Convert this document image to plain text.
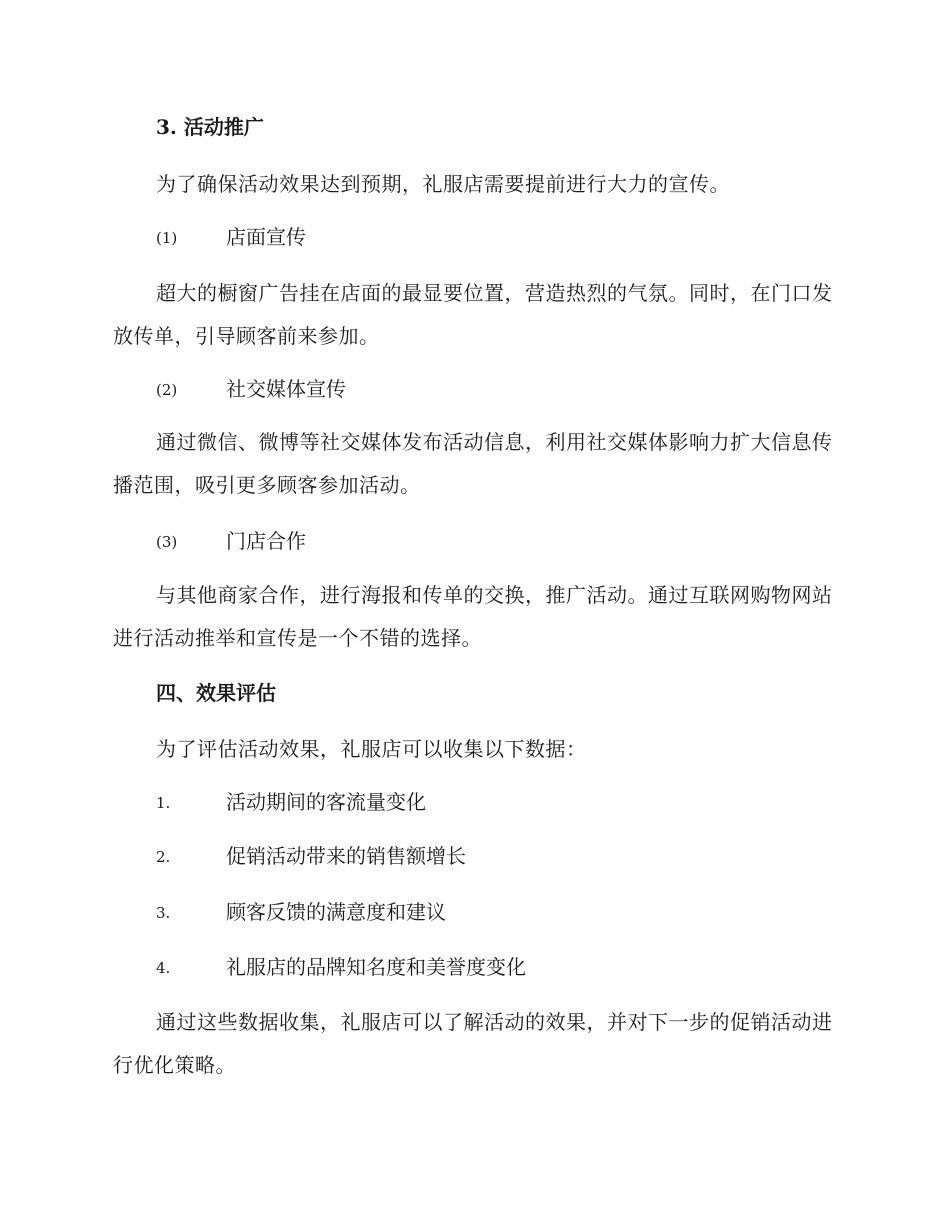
3. 活动推广
为了确保活动效果达到预期，礼服店需要提前进行大力的宣传。
(1) 店面宣传
超大的橱窗广告挂在店面的最显要位置，营造热烈的气氛。同时，在门口发放传单，引导顾客前来参加。
(2) 社交媒体宣传
通过微信、微博等社交媒体发布活动信息，利用社交媒体影响力扩大信息传播范围，吸引更多顾客参加活动。
(3) 门店合作
与其他商家合作，进行海报和传单的交换，推广活动。通过互联网购物网站进行活动推举和宣传是一个不错的选择。
四、效果评估
为了评估活动效果，礼服店可以收集以下数据：
1.	活动期间的客流量变化
2.	促销活动带来的销售额增长
3.	顾客反馈的满意度和建议
4.	礼服店的品牌知名度和美誉度变化
通过这些数据收集，礼服店可以了解活动的效果，并对下一步的促销活动进行优化策略。
